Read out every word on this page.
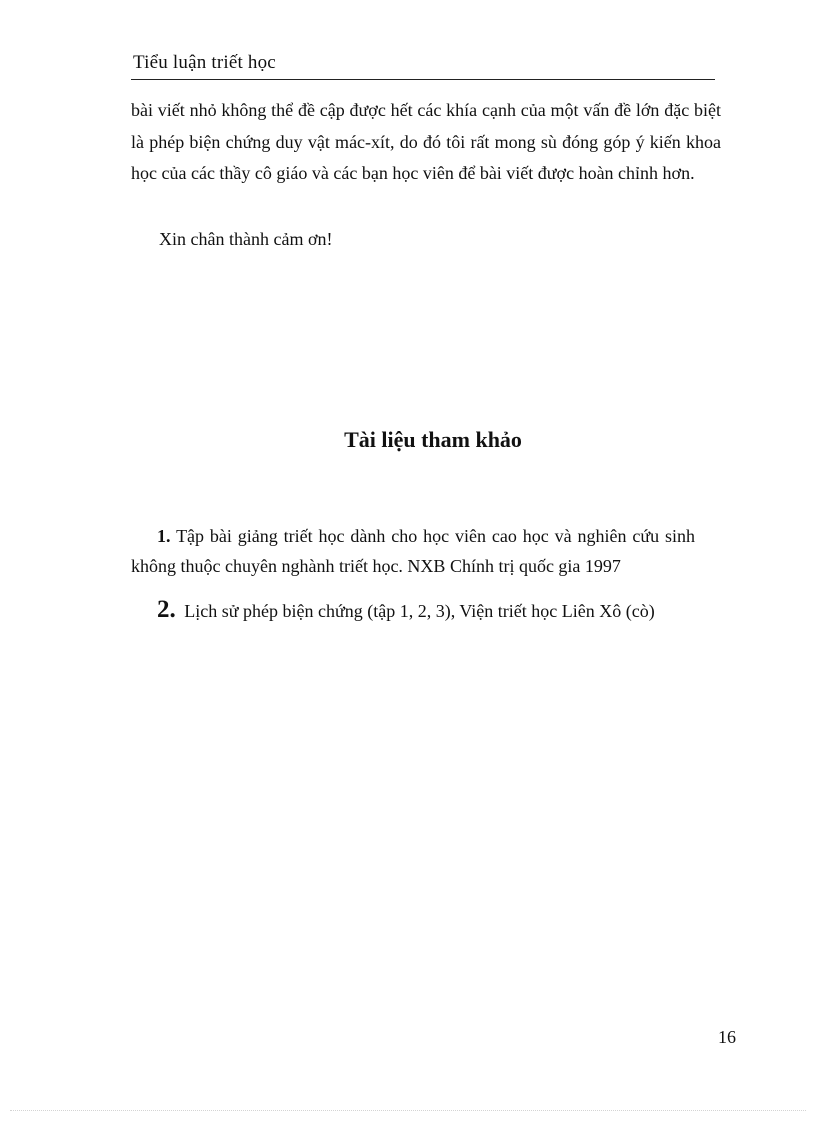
Tiểu luận triết học

bài viết nhỏ không thể đề cập được hết các khía cạnh của một vấn đề lớn đặc biệt là phép biện chứng duy vật mác-xít, do đó tôi rất mong sù đóng góp ý kiến khoa học của các thầy cô giáo và các bạn học viên để bài viết được hoàn chỉnh hơn.

Xin chân thành cảm ơn!

Tài liệu tham khảo

1. Tập bài giảng triết học dành cho học viên cao học và nghiên cứu sinh không thuộc chuyên nghành triết học. NXB Chính trị quốc gia 1997

2. Lịch sử phép biện chứng (tập 1, 2, 3), Viện triết học Liên Xô (cò)

16
